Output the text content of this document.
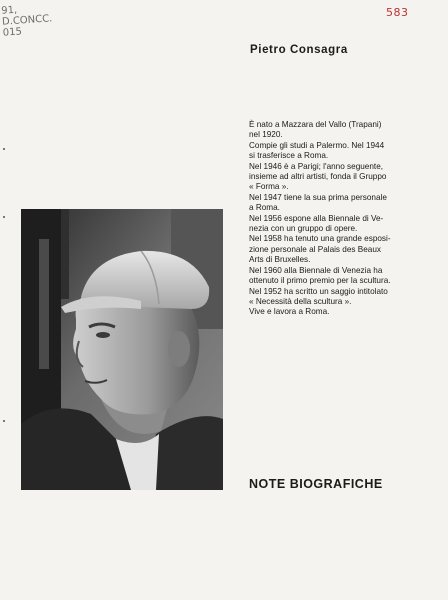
91,
D.CONCC.
015
583
Pietro Consagra
È nato a Mazzara del Vallo (Trapani)
nel 1920.
Compie gli studi a Palermo. Nel 1944
si trasferisce a Roma.
Nel 1946 è a Parigi; l'anno seguente,
insieme ad altri artisti, fonda il Gruppo
« Forma ».
Nel 1947 tiene la sua prima personale
a Roma.
Nel 1956 espone alla Biennale di Ve-
nezia con un gruppo di opere.
Nel 1958 ha tenuto una grande esposi-
zione personale al Palais des Beaux
Arts di Bruxelles.
Nel 1960 alla Biennale di Venezia ha
ottenuto il primo premio per la scultura.
Nel 1952 ha scritto un saggio intitolato
« Necessità della scultura ».
Vive e lavora a Roma.
NOTE BIOGRAFICHE
